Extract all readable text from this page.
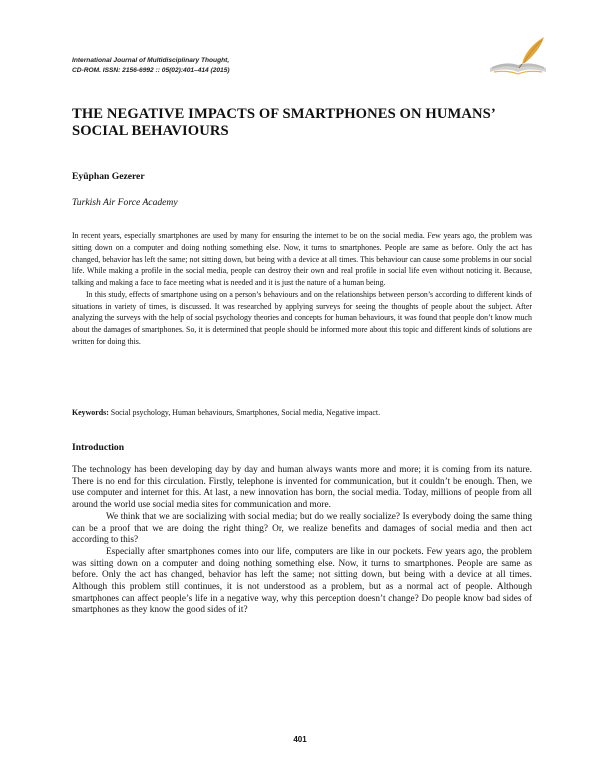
International Journal of Multidisciplinary Thought,
CD-ROM. ISSN: 2156-6992 :: 05(02):401–414 (2015)
THE NEGATIVE IMPACTS OF SMARTPHONES ON HUMANS’
SOCIAL BEHAVIOURS
Eyüphan Gezerer
Turkish Air Force Academy

In recent years, especially smartphones are used by many for ensuring the internet to be on the social media. Few years ago, the problem was sitting down on a computer and doing nothing something else. Now, it turns to smartphones. People are same as before. Only the act has changed, behavior has left the same; not sitting down, but being with a device at all times. This behaviour can cause some problems in our social life. While making a profile in the social media, people can destroy their own and real profile in social life even without noticing it. Because, talking and making a face to face meeting what is needed and it is just the nature of a human being.

In this study, effects of smartphone using on a person’s behaviours and on the relationships between person’s according to different kinds of situations in variety of times, is discussed. It was researched by applying surveys for seeing the thoughts of people about the subject. After analyzing the surveys with the help of social psychology theories and concepts for human behaviours, it was found that people don’t know much about the damages of smartphones. So, it is determined that people should be informed more about this topic and different kinds of solutions are written for doing this.

Keywords: Social psychology, Human behaviours, Smartphones, Social media, Negative impact.
Introduction

The technology has been developing day by day and human always wants more and more; it is coming from its nature. There is no end for this circulation. Firstly, telephone is invented for communication, but it couldn’t be enough. Then, we use computer and internet for this. At last, a new innovation has born, the social media. Today, millions of people from all around the world use social media sites for communication and more.

We think that we are socializing with social media; but do we really socialize? Is everybody doing the same thing can be a proof that we are doing the right thing? Or, we realize benefits and damages of social media and then act according to this?

Especially after smartphones comes into our life, computers are like in our pockets. Few years ago, the problem was sitting down on a computer and doing nothing something else. Now, it turns to smartphones. People are same as before. Only the act has changed, behavior has left the same; not sitting down, but being with a device at all times. Although this problem still continues, it is not understood as a problem, but as a normal act of people. Although smartphones can affect people’s life in a negative way, why this perception doesn’t change? Do people know bad sides of smartphones as they know the good sides of it?

401
